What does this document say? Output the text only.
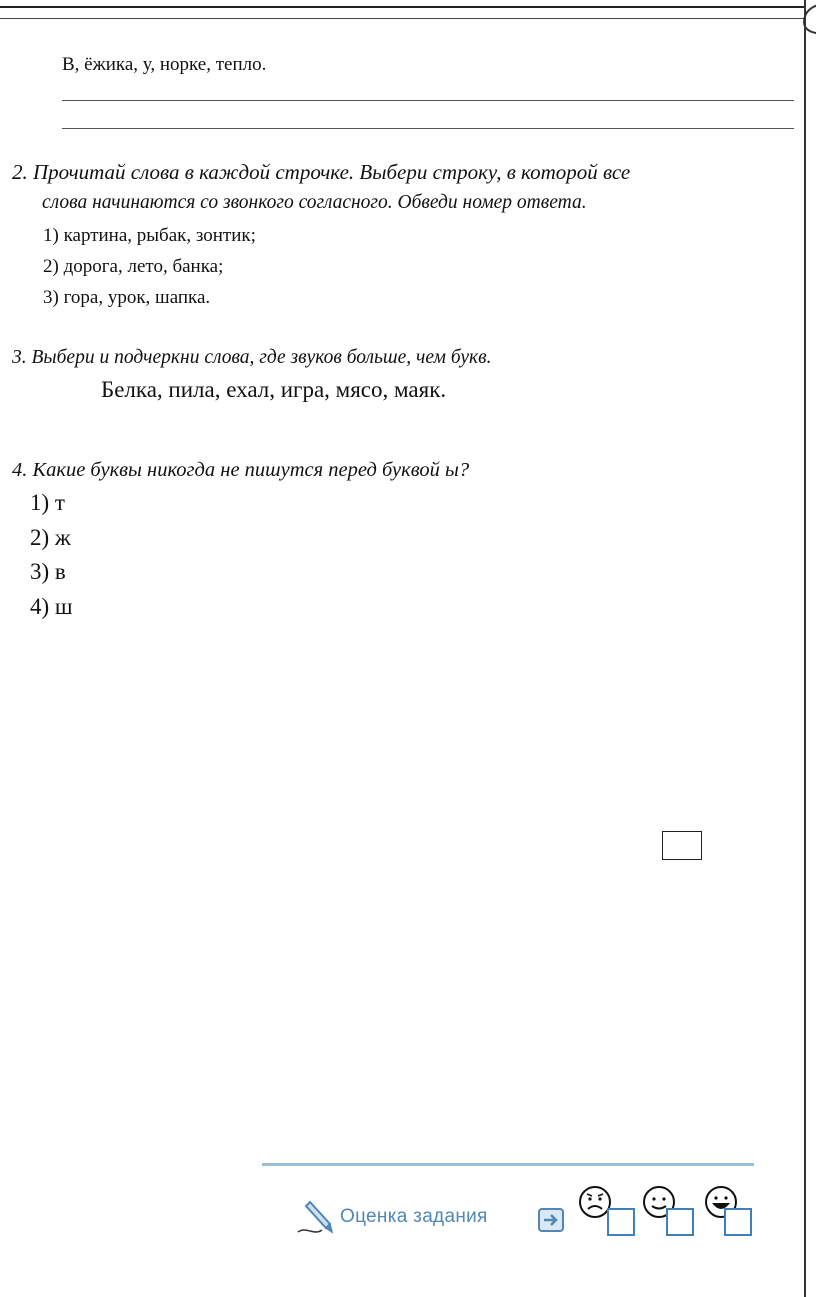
В, ёжика, у, норке, тепло.
2. Прочитай слова в каждой строчке. Выбери строку, в которой все
слова начинаются со звонкого согласного. Обведи номер ответа.
1) картина, рыбак, зонтик;
2) дорога, лето, банка;
3) гора, урок, шапка.
3. Выбери и подчеркни слова, где звуков больше, чем букв.
Белка, пила, ехал, игра, мясо, маяк.
4. Какие буквы никогда не пишутся перед буквой ы?
1) т
2) ж
3) в
4) ш
Оценка задания
